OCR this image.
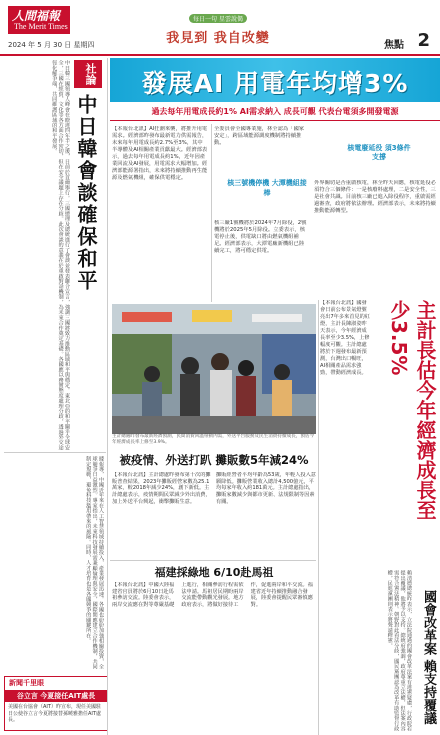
人間福報
The Merit Times
2024 年 5 月 30 日 星期四
每日一句 星雲說偈
我見到 我自改變	焦點 2
中日韓三國領導人峰會在睽違四年半之後，日前於首爾舉行。三國總理及總統進行了會談並發表聯合宣言，強調三國將致力推動區域和平與穩定。東北亞的和平關乎全球安全，三國在經貿、文化等各方面合作密切，但在安全議題上存在分歧。此次會談的意義在於重啟對話機制，為未來合作奠定基礎。各國應以務實態度處理分歧，透過外交途徑化解爭端，共同維護區域的和平發展。	社論
中日韓會談確保和平
據報導，中國近年來在人工智慧領域持續投入，產業發展迅速。各國也紛紛加強相關投資，全球競爭日益激烈。專家指出，未來科技發展需兼顧倫理與安全，國際間應建立合作機制，共同制定規範，避免科技濫用帶來的風險。同時，人才培育也是各國競爭的關鍵所在。
新聞千里眼
谷立言 今夏接任AIT處長
美國在台協會（AIT）昨宣布，現任美國駐日公使谷立言今夏將接替孫曉雅擔任AIT處長。
發展AI 用電年均增3%
過去每年用電成長約1% AI需求納入 成長可觀 代表台電須多開發電源
【本報台北訊】AI狂潮來襲，將推升用電需求。經濟部昨發布最新電力供需報告，未來每年用電成長約2.7%至3%，其中半導體及AI相關產業貢獻最大。經濟部表示，過去每年用電成長約1%，近年因產業回流及AI發展，用電需求大幅增加。經濟部能源署指出，未來將持續推動再生能源及燃氣機組，確保供電穩定。
全委員會全國專業施，林全認為「國家安定」，跨區域能源調度機制將持續推動。
核三號機停機 大潭機組接棒
核三廠1號機將於2024年7月除役，2號機將於2025年5月除役。立委表示，核電停止後，供電缺口將由燃氣機組補足。經濟部表示，大潭電廠新機組已陸續完工，將可穩定供電。
核電廢延役 須3條件支撐
外界關切是否重啟核電，林全昨天回應，核電延役必須符合三個條件：一是核廢料處理，二是安全性，三是社會共識。目前核三廠已進入除役程序，重啟需經過審查，政府將依法辦理。經濟部表示，未來將持續推動能源轉型。
主計總處昨發布最新經濟預測，民間消費回溫帶動內需，外送平台服務及民生消費持續成長，預估今年經濟成長率上修至3.9%。
被疫情、外送打趴 攤販數5年減24%
【本報台北訊】主計總處昨發布第十次的攤販普查結果，2023年攤販經營家數為25.1萬家，較2018年減少24%，創下新低。主計總處表示，疫情期間民眾減少外出消費，加上外送平台興起，衝擊攤販生意。
攤販經營者平均年齡為53歲，年輕人投入意願降低。攤販營業收入總計4,500億元，平均每家年收入約181萬元。主計總處指出，攤販家數減少與都市更新、法規限制等因素有關。	主計長估今年經濟成長至少3.5%
【本報台北訊】國發會日前公布景氣燈號亮出7年多來首見的紅燈，主計長陳淑姿昨天表示，今年經濟成長率至少3.5%，上修幅度可觀。主計總處將於下週發布最新預測，台灣出口暢旺，AI相關產品需求強勁，帶動經濟成長。
福建採綠地 6/10赴馬祖
【本報台北訊】中國大陸福建省官員將於6月10日赴馬祖參訪交流。陸委會表示，兩岸交流應在對等尊嚴基礎上進行，相關參訪行程需依法申請。馬祖居民期盼兩岸交流能帶動觀光發展。地方政府表示，將做好接待工作，促進兩岸和平交流。福建省近年持續推動融合發展，陸委會提醒民眾審慎應對。	賴清德總統昨表示，立法院通過的國會改革法案有違憲疑慮，行政院若提出覆議，他將予以支持。總統府強調，政府尊重立法權，但法案內容需符合憲法精神。朝野對此看法分歧，國民黨團認為改革有助監督行政權，民進黨團則表示將聲請釋憲。	國會改革案 賴支持覆議
